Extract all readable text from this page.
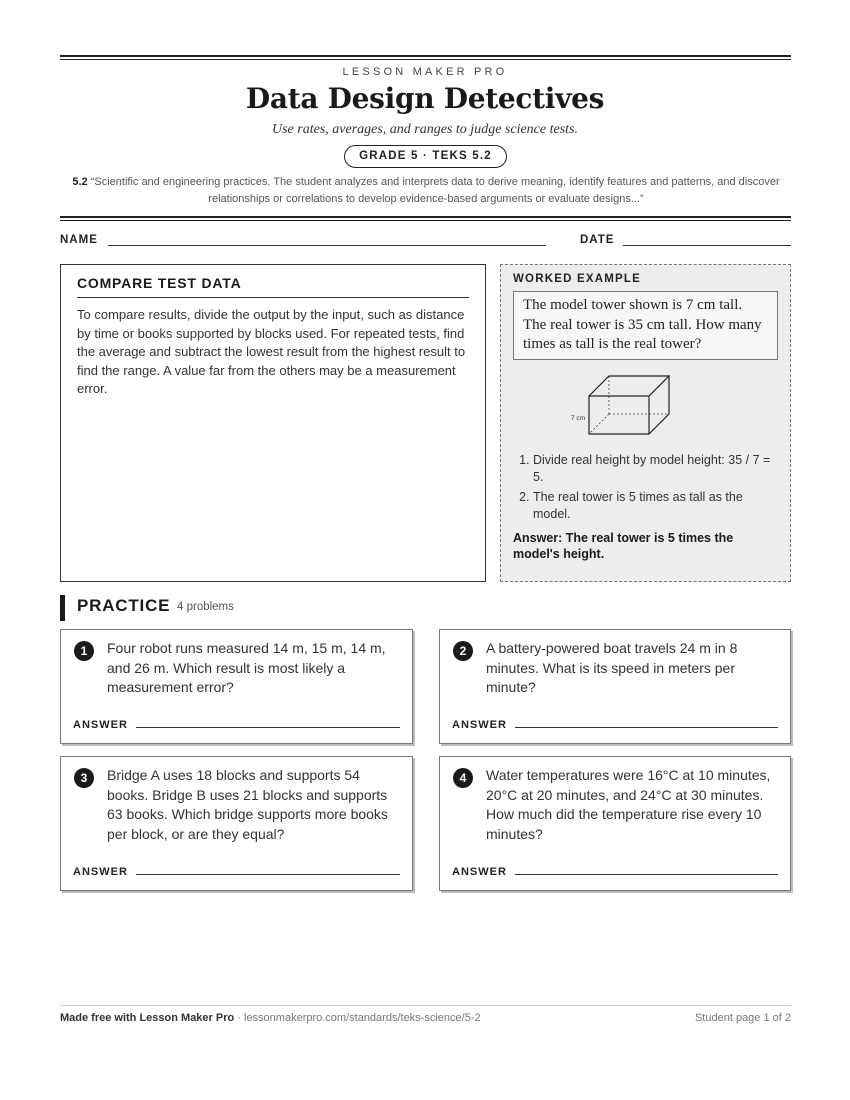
LESSON MAKER PRO
Data Design Detectives
Use rates, averages, and ranges to judge science tests.
GRADE 5 · TEKS 5.2
5.2 “Scientific and engineering practices. The student analyzes and interprets data to derive meaning, identify features and patterns, and discover relationships or correlations to develop evidence-based arguments or evaluate designs...”
NAME	DATE
COMPARE TEST DATA
To compare results, divide the output by the input, such as distance by time or books supported by blocks used. For repeated tests, find the average and subtract the lowest result from the highest result to find the range. A value far from the others may be a measurement error.
WORKED EXAMPLE
The model tower shown is 7 cm tall. The real tower is 35 cm tall. How many times as tall is the real tower?
7 cm
1. Divide real height by model height: 35 / 7 = 5.
2. The real tower is 5 times as tall as the model.
Answer: The real tower is 5 times the model's height.
PRACTICE 4 problems
1	Four robot runs measured 14 m, 15 m, 14 m, and 26 m. Which result is most likely a measurement error?
ANSWER
2	A battery-powered boat travels 24 m in 8 minutes. What is its speed in meters per minute?
ANSWER
3	Bridge A uses 18 blocks and supports 54 books. Bridge B uses 21 blocks and supports 63 books. Which bridge supports more books per block, or are they equal?
ANSWER
4	Water temperatures were 16°C at 10 minutes, 20°C at 20 minutes, and 24°C at 30 minutes. How much did the temperature rise every 10 minutes?
ANSWER
Made free with Lesson Maker Pro · lessonmakerpro.com/standards/teks-science/5-2	Student page 1 of 2
